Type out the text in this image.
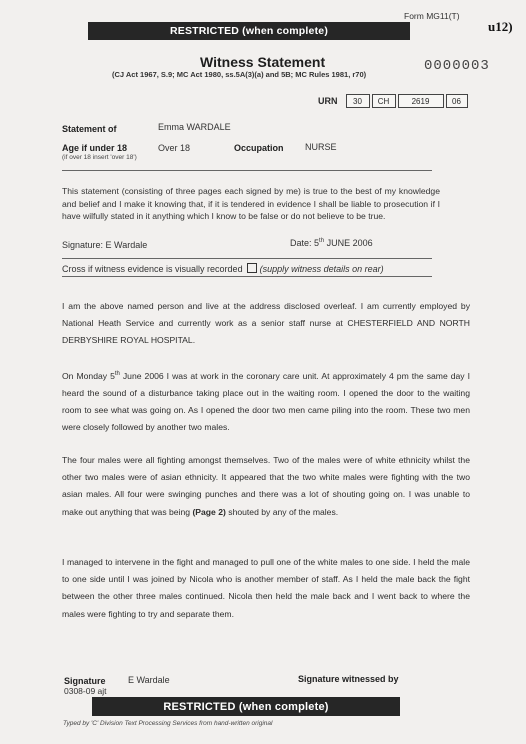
Form MG11(T)
u12)
RESTRICTED (when complete)
Witness Statement
(CJ Act 1967, S.9; MC Act 1980, ss.5A(3)(a) and 5B; MC Rules 1981, r70)
0000003
URN	30	CH	2619	06
Statement of	Emma WARDALE
Age if under 18
(if over 18 insert 'over 18')
Over 18	Occupation NURSE
This statement (consisting of three pages each signed by me) is true to the best of my knowledge and belief and I make it knowing that, if it is tendered in evidence I shall be liable to prosecution if I have wilfully stated in it anything which I know to be false or do not believe to be true.
Signature: E Wardale	Date: 5th JUNE 2006
Cross if witness evidence is visually recorded (supply witness details on rear)
I am the above named person and live at the address disclosed overleaf. I am currently employed by National Heath Service and currently work as a senior staff nurse at CHESTERFIELD AND NORTH DERBYSHIRE ROYAL HOSPITAL.
On Monday 5th June 2006 I was at work in the coronary care unit. At approximately 4 pm the same day I heard the sound of a disturbance taking place out in the waiting room. I opened the door to the waiting room to see what was going on. As I opened the door two men came piling into the room. These two men were closely followed by another two males.
The four males were all fighting amongst themselves. Two of the males were of white ethnicity whilst the other two males were of asian ethnicity. It appeared that the two white males were fighting with the two asian males. All four were swinging punches and there was a lot of shouting going on. I was unable to make out anything that was being (Page 2) shouted by any of the males.
I managed to intervene in the fight and managed to pull one of the white males to one side. I held the male to one side until I was joined by Nicola who is another member of staff. As I held the male back the fight between the other three males continued. Nicola then held the male back and I went back to where the males were fighting to try and separate them.
Signature E Wardale
0308-09 ajt
Signature witnessed by
RESTRICTED (when complete)
Typed by 'C' Division Text Processing Services from hand-written original
